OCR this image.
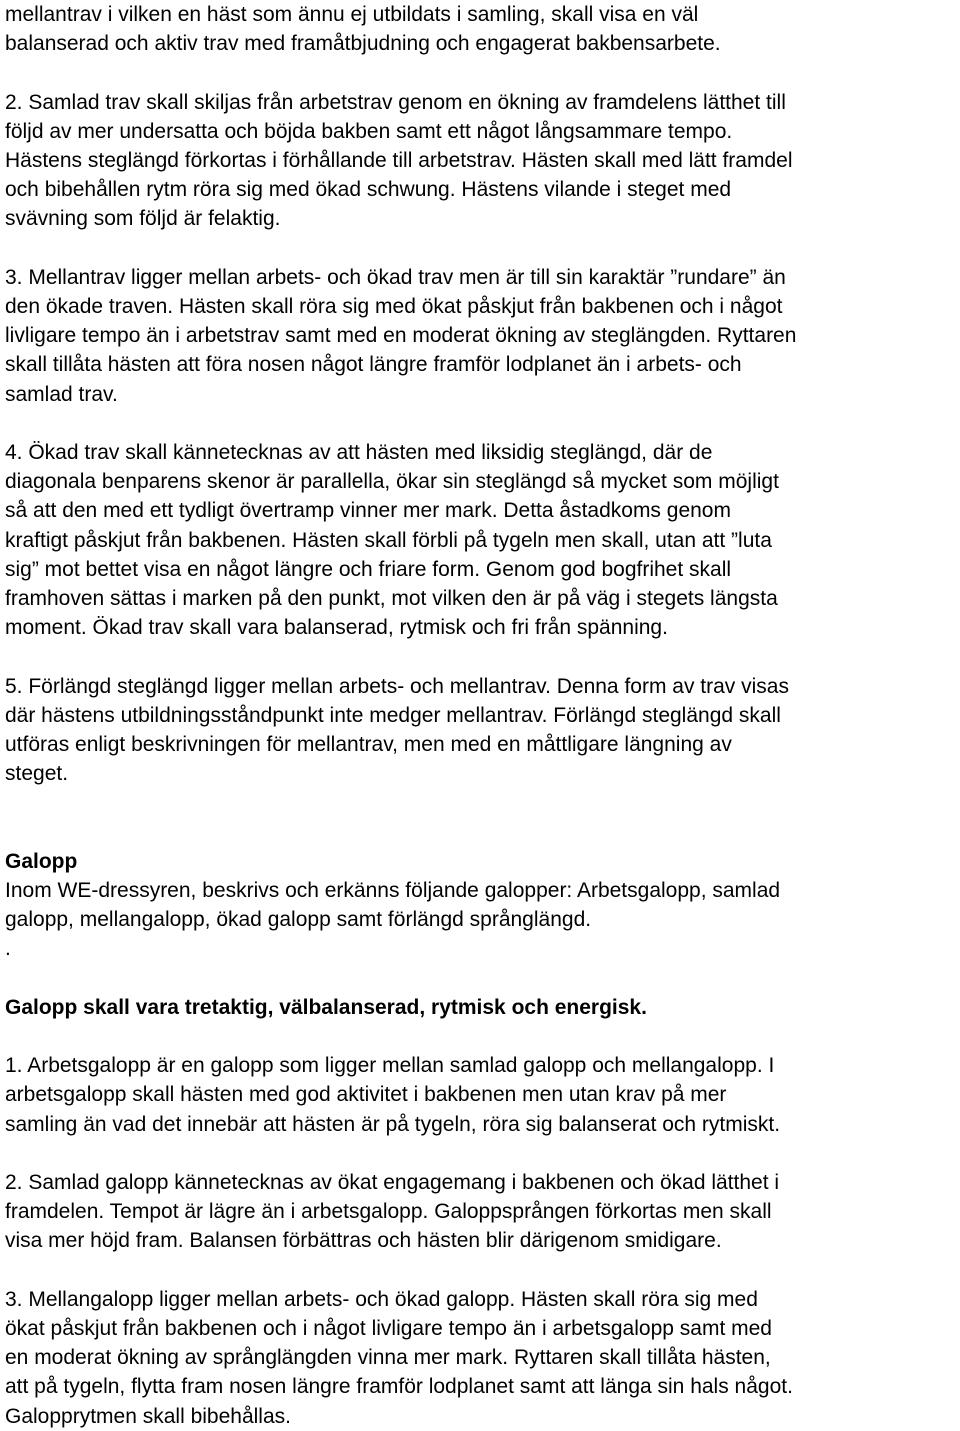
mellantrav i vilken en häst som ännu ej utbildats i samling, skall visa en väl
balanserad och aktiv trav med framåtbjudning och engagerat bakbensarbete.

2. Samlad trav skall skiljas från arbetstrav genom en ökning av framdelens lätthet till
följd av mer undersatta och böjda bakben samt ett något långsammare tempo.
Hästens steglängd förkortas i förhållande till arbetstrav. Hästen skall med lätt framdel
och bibehållen rytm röra sig med ökad schwung. Hästens vilande i steget med
svävning som följd är felaktig.

3. Mellantrav ligger mellan arbets- och ökad trav men är till sin karaktär ”rundare” än
den ökade traven. Hästen skall röra sig med ökat påskjut från bakbenen och i något
livligare tempo än i arbetstrav samt med en moderat ökning av steglängden. Ryttaren
skall tillåta hästen att föra nosen något längre framför lodplanet än i arbets- och
samlad trav.

4. Ökad trav skall kännetecknas av att hästen med liksidig steglängd, där de
diagonala benparens skenor är parallella, ökar sin steglängd så mycket som möjligt
så att den med ett tydligt övertramp vinner mer mark. Detta åstadkoms genom
kraftigt påskjut från bakbenen. Hästen skall förbli på tygeln men skall, utan att ”luta
sig” mot bettet visa en något längre och friare form. Genom god bogfrihet skall
framhoven sättas i marken på den punkt, mot vilken den är på väg i stegets längsta
moment. Ökad trav skall vara balanserad, rytmisk och fri från spänning.

5. Förlängd steglängd ligger mellan arbets- och mellantrav. Denna form av trav visas
där hästens utbildningsståndpunkt inte medger mellantrav. Förlängd steglängd skall
utföras enligt beskrivningen för mellantrav, men med en måttligare längning av
steget.

Galopp

Inom WE-dressyren, beskrivs och erkänns följande galopper: Arbetsgalopp, samlad
galopp, mellangalopp, ökad galopp samt förlängd språnglängd.

.

Galopp skall vara tretaktig, välbalanserad, rytmisk och energisk.

1. Arbetsgalopp är en galopp som ligger mellan samlad galopp och mellangalopp. I
arbetsgalopp skall hästen med god aktivitet i bakbenen men utan krav på mer
samling än vad det innebär att hästen är på tygeln, röra sig balanserat och rytmiskt.

2. Samlad galopp kännetecknas av ökat engagemang i bakbenen och ökad lätthet i
framdelen. Tempot är lägre än i arbetsgalopp. Galoppsprången förkortas men skall
visa mer höjd fram. Balansen förbättras och hästen blir därigenom smidigare.

3. Mellangalopp ligger mellan arbets- och ökad galopp. Hästen skall röra sig med
ökat påskjut från bakbenen och i något livligare tempo än i arbetsgalopp samt med
en moderat ökning av språnglängden vinna mer mark. Ryttaren skall tillåta hästen,
att på tygeln, flytta fram nosen längre framför lodplanet samt att länga sin hals något.
Galopprytmen skall bibehållas.
